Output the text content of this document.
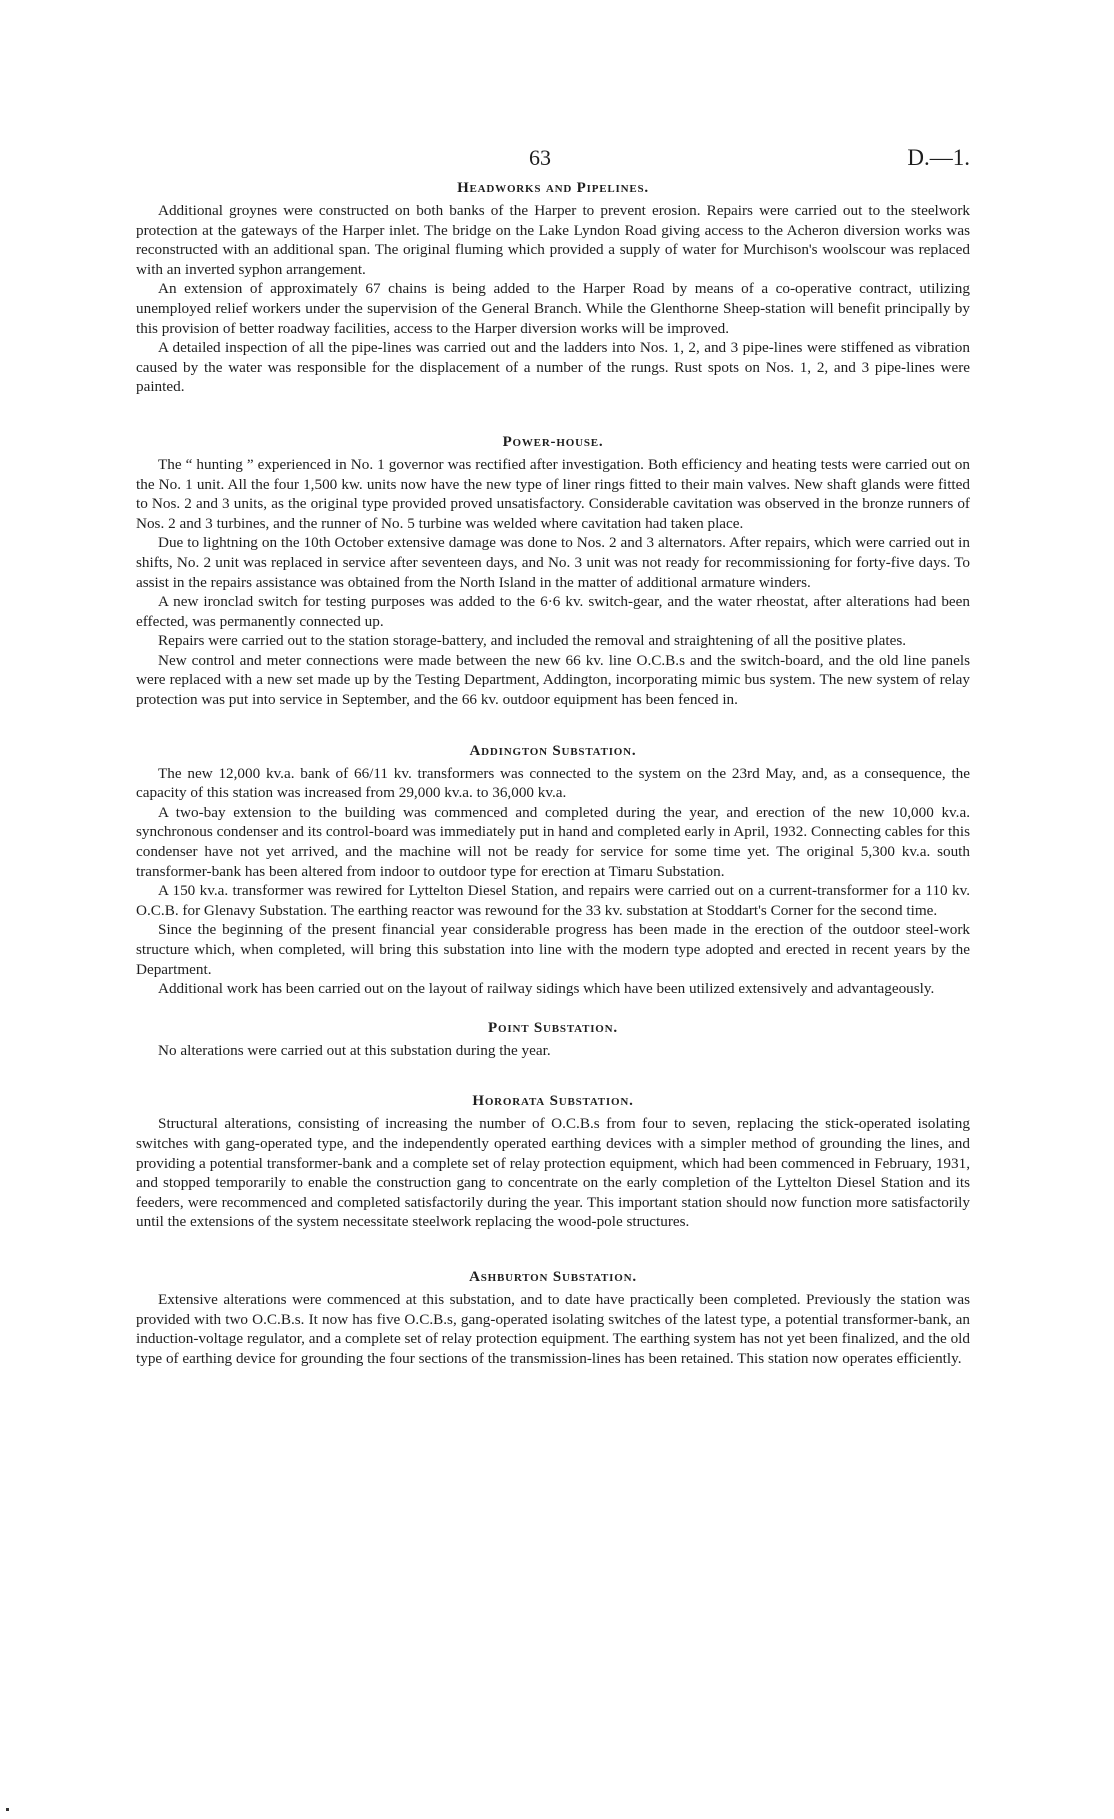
63	D.—1.
Headworks and Pipelines.

Additional groynes were constructed on both banks of the Harper to prevent erosion. Repairs were carried out to the steelwork protection at the gateways of the Harper inlet. The bridge on the Lake Lyndon Road giving access to the Acheron diversion works was reconstructed with an additional span. The original fluming which provided a supply of water for Murchison's woolscour was replaced with an inverted syphon arrangement.

An extension of approximately 67 chains is being added to the Harper Road by means of a co-operative contract, utilizing unemployed relief workers under the supervision of the General Branch. While the Glenthorne Sheep-station will benefit principally by this provision of better roadway facilities, access to the Harper diversion works will be improved.

A detailed inspection of all the pipe-lines was carried out and the ladders into Nos. 1, 2, and 3 pipe-lines were stiffened as vibration caused by the water was responsible for the displacement of a number of the rungs. Rust spots on Nos. 1, 2, and 3 pipe-lines were painted.

Power-house.

The “ hunting ” experienced in No. 1 governor was rectified after investigation. Both efficiency and heating tests were carried out on the No. 1 unit. All the four 1,500 kw. units now have the new type of liner rings fitted to their main valves. New shaft glands were fitted to Nos. 2 and 3 units, as the original type provided proved unsatisfactory. Considerable cavitation was observed in the bronze runners of Nos. 2 and 3 turbines, and the runner of No. 5 turbine was welded where cavitation had taken place.

Due to lightning on the 10th October extensive damage was done to Nos. 2 and 3 alternators. After repairs, which were carried out in shifts, No. 2 unit was replaced in service after seventeen days, and No. 3 unit was not ready for recommissioning for forty-five days. To assist in the repairs assistance was obtained from the North Island in the matter of additional armature winders.

A new ironclad switch for testing purposes was added to the 6·6 kv. switch-gear, and the water rheostat, after alterations had been effected, was permanently connected up.

Repairs were carried out to the station storage-battery, and included the removal and straightening of all the positive plates.

New control and meter connections were made between the new 66 kv. line O.C.B.s and the switch-board, and the old line panels were replaced with a new set made up by the Testing Department, Addington, incorporating mimic bus system. The new system of relay protection was put into service in September, and the 66 kv. outdoor equipment has been fenced in.

Addington Substation.

The new 12,000 kv.a. bank of 66/11 kv. transformers was connected to the system on the 23rd May, and, as a consequence, the capacity of this station was increased from 29,000 kv.a. to 36,000 kv.a.

A two-bay extension to the building was commenced and completed during the year, and erection of the new 10,000 kv.a. synchronous condenser and its control-board was immediately put in hand and completed early in April, 1932. Connecting cables for this condenser have not yet arrived, and the machine will not be ready for service for some time yet. The original 5,300 kv.a. south transformer-bank has been altered from indoor to outdoor type for erection at Timaru Substation.

A 150 kv.a. transformer was rewired for Lyttelton Diesel Station, and repairs were carried out on a current-transformer for a 110 kv. O.C.B. for Glenavy Substation. The earthing reactor was rewound for the 33 kv. substation at Stoddart's Corner for the second time.

Since the beginning of the present financial year considerable progress has been made in the erection of the outdoor steel-work structure which, when completed, will bring this substation into line with the modern type adopted and erected in recent years by the Department.

Additional work has been carried out on the layout of railway sidings which have been utilized extensively and advantageously.

Point Substation.

No alterations were carried out at this substation during the year.

Hororata Substation.

Structural alterations, consisting of increasing the number of O.C.B.s from four to seven, replacing the stick-operated isolating switches with gang-operated type, and the independently operated earthing devices with a simpler method of grounding the lines, and providing a potential transformer-bank and a complete set of relay protection equipment, which had been commenced in February, 1931, and stopped temporarily to enable the construction gang to concentrate on the early completion of the Lyttelton Diesel Station and its feeders, were recommenced and completed satisfactorily during the year. This important station should now function more satisfactorily until the extensions of the system necessitate steelwork replacing the wood-pole structures.

Ashburton Substation.

Extensive alterations were commenced at this substation, and to date have practically been completed. Previously the station was provided with two O.C.B.s. It now has five O.C.B.s, gang-operated isolating switches of the latest type, a potential transformer-bank, an induction-voltage regulator, and a complete set of relay protection equipment. The earthing system has not yet been finalized, and the old type of earthing device for grounding the four sections of the transmission-lines has been retained. This station now operates efficiently.
